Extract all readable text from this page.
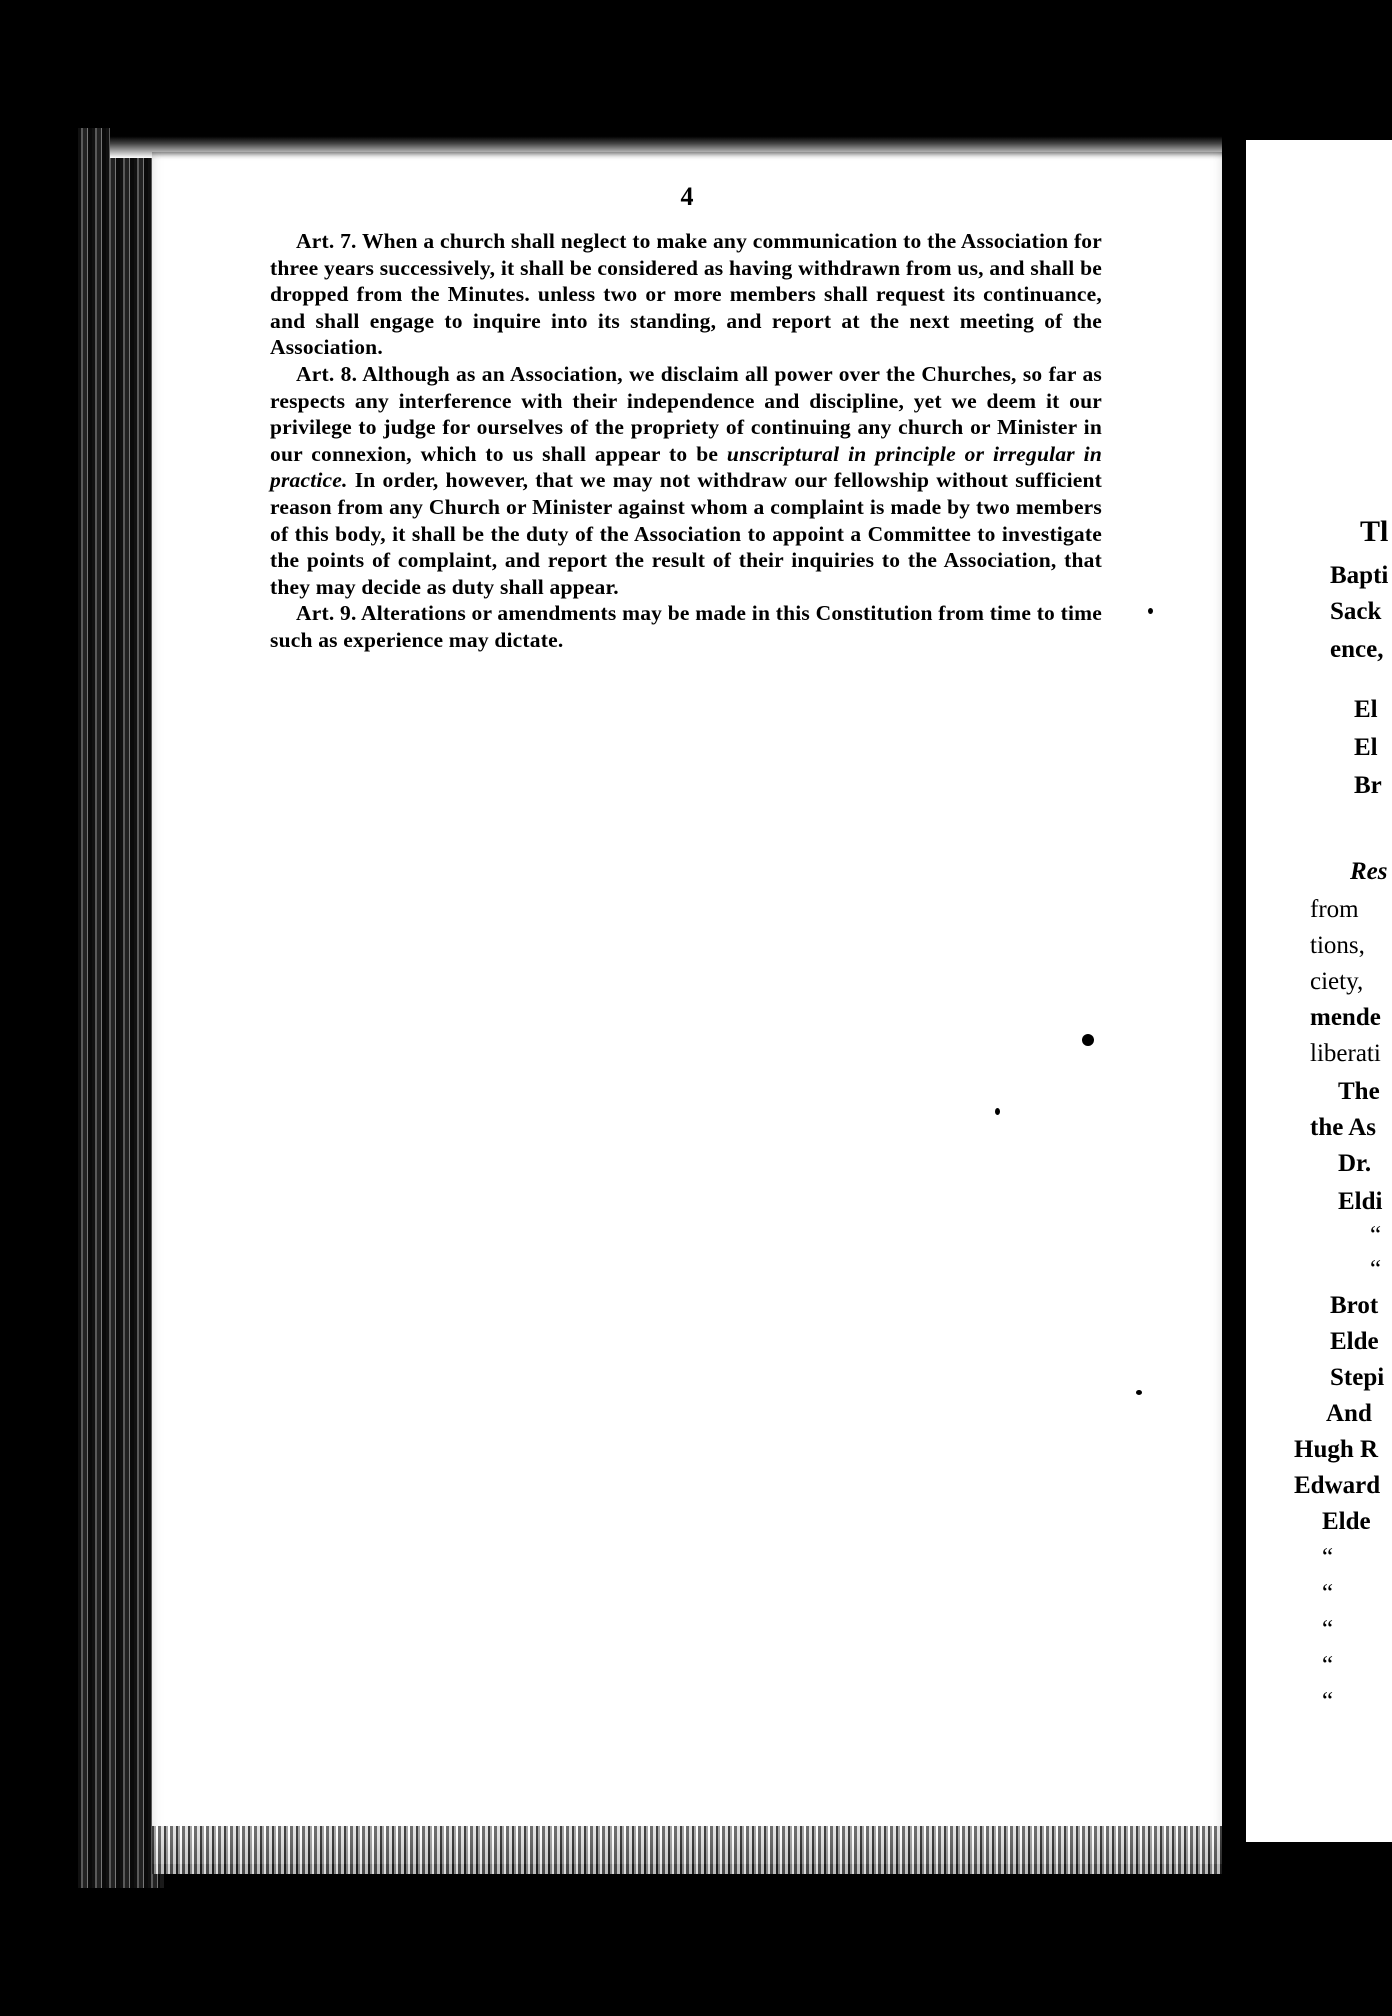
4

Art. 7. When a church shall neglect to make any communication to the Association for three years successively, it shall be considered as having withdrawn from us, and shall be dropped from the Minutes. unless two or more members shall request its continuance, and shall engage to inquire into its standing, and report at the next meeting of the Association.

Art. 8. Although as an Association, we disclaim all power over the Churches, so far as respects any interference with their independence and discipline, yet we deem it our privilege to judge for ourselves of the propriety of continuing any church or Minister in our connexion, which to us shall appear to be unscriptural in principle or irregular in practice. In order, however, that we may not withdraw our fellowship without sufficient reason from any Church or Minister against whom a complaint is made by two members of this body, it shall be the duty of the Association to appoint a Committee to investigate the points of complaint, and report the result of their inquiries to the Association, that they may decide as duty shall appear.

Art. 9. Alterations or amendments may be made in this Constitution from time to time such as experience may dictate.

Tl
Bapti
Sack
ence,
El
El
Br
Res
from
tions,
ciety,
mende
liberati
The
the As
Dr.
Eldi
“
“
Brot
Elde
Stepi
And
Hugh R
Edward
Elde
“
“
“
“
“
